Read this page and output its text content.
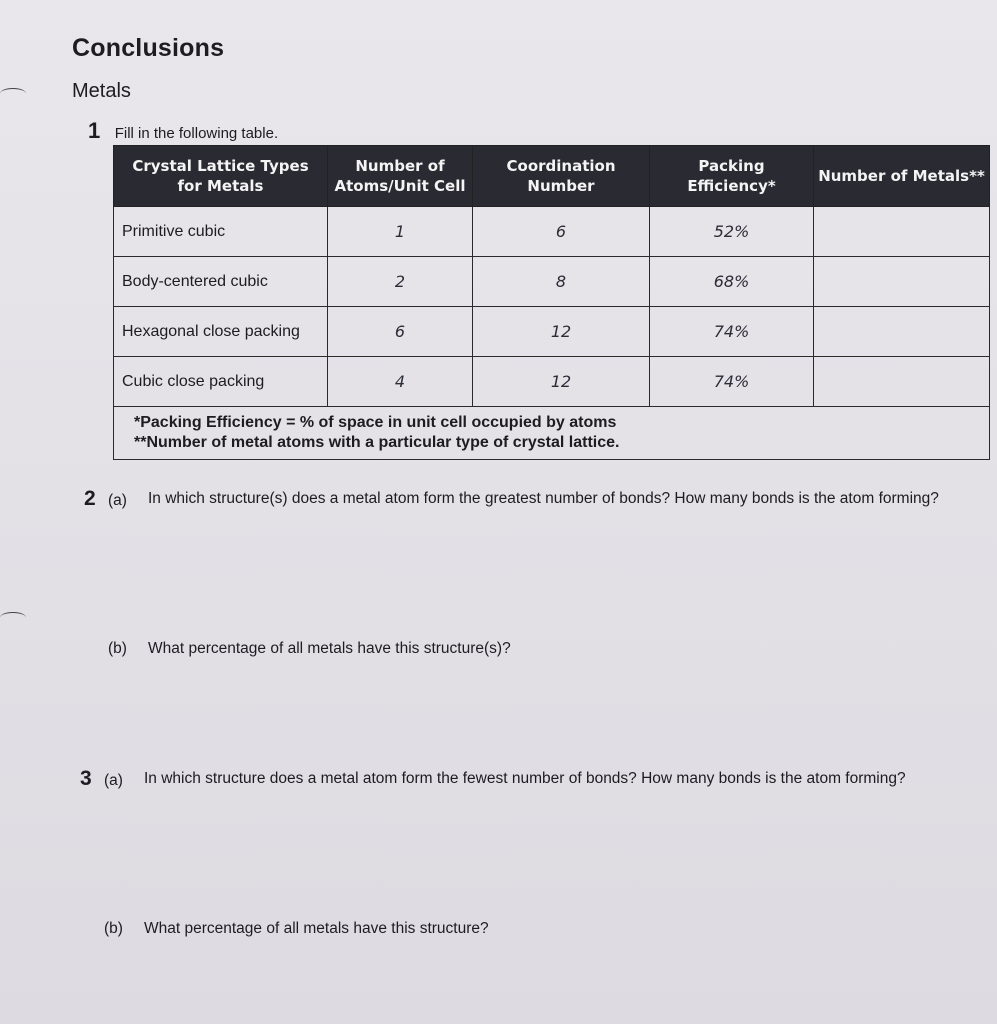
Conclusions
Metals
1 Fill in the following table.
Crystal Lattice Types for Metals	Number of Atoms/Unit Cell	Coordination Number	Packing Efficiency*	Number of Metals**
Primitive cubic	1	6	52%	
Body-centered cubic	2	8	68%	
Hexagonal close packing	6	12	74%	
Cubic close packing	4	12	74%	

*Packing Efficiency = % of space in unit cell occupied by atoms
**Number of metal atoms with a particular type of crystal lattice.				
2 (a) In which structure(s) does a metal atom form the greatest number of bonds? How many bonds is the atom forming?
(b) What percentage of all metals have this structure(s)?
3 (a) In which structure does a metal atom form the fewest number of bonds? How many bonds is the atom forming?
(b) What percentage of all metals have this structure?
